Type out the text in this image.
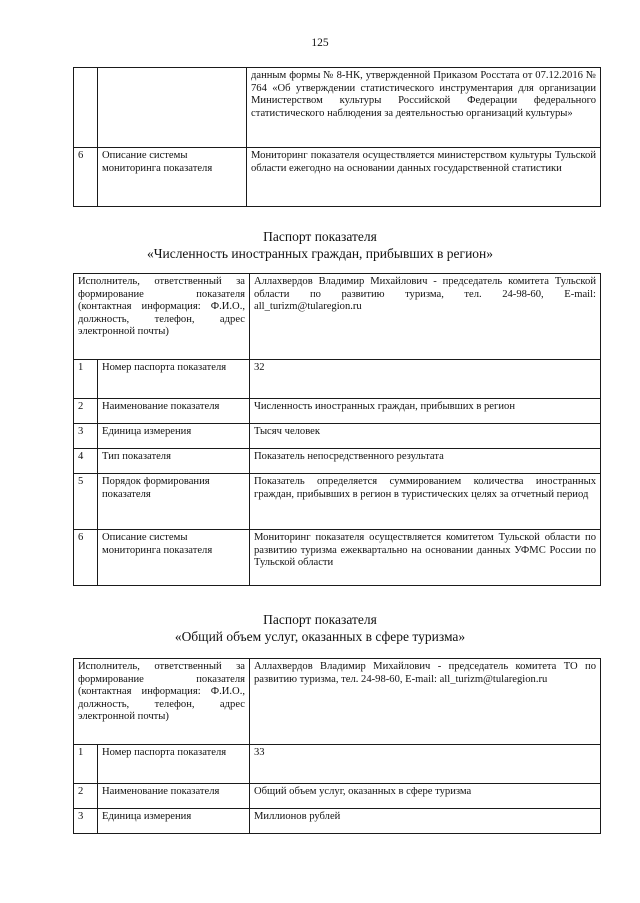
125
		данным формы № 8-НК, утвержденной Приказом Росстата от 07.12.2016 № 764 «Об утверждении статистического инструментария для организации Министерством культуры Российской Федерации федерального статистического наблюдения за деятельностью организаций культуры»
6	Описание системы мониторинга показателя	Мониторинг показателя осуществляется министерством культуры Тульской области ежегодно на основании данных государственной статистики
Паспорт показателя
«Численность иностранных граждан, прибывших в регион»
Исполнитель, ответственный за формирование показателя (контактная информация: Ф.И.О., должность, телефон, адрес электронной почты)		Аллахвердов Владимир Михайлович - председатель комитета Тульской области по развитию туризма, тел. 24-98-60, E-mail: all_turizm@tularegion.ru
1	Номер паспорта показателя	32
2	Наименование показателя	Численность иностранных граждан, прибывших в регион
3	Единица измерения	Тысяч человек
4	Тип показателя	Показатель непосредственного результата
5	Порядок формирования показателя	Показатель определяется суммированием количества иностранных граждан, прибывших в регион в туристических целях за отчетный период
6	Описание системы мониторинга показателя	Мониторинг показателя осуществляется комитетом Тульской области по развитию туризма ежеквартально на основании данных УФМС России по Тульской области
Паспорт показателя
«Общий объем услуг, оказанных в сфере туризма»
Исполнитель, ответственный за формирование показателя (контактная информация: Ф.И.О., должность, телефон, адрес электронной почты)		Аллахвердов Владимир Михайлович - председатель комитета ТО по развитию туризма, тел. 24-98-60, E-mail: all_turizm@tularegion.ru
1	Номер паспорта показателя	33
2	Наименование показателя	Общий объем услуг, оказанных в сфере туризма
3	Единица измерения	Миллионов рублей
